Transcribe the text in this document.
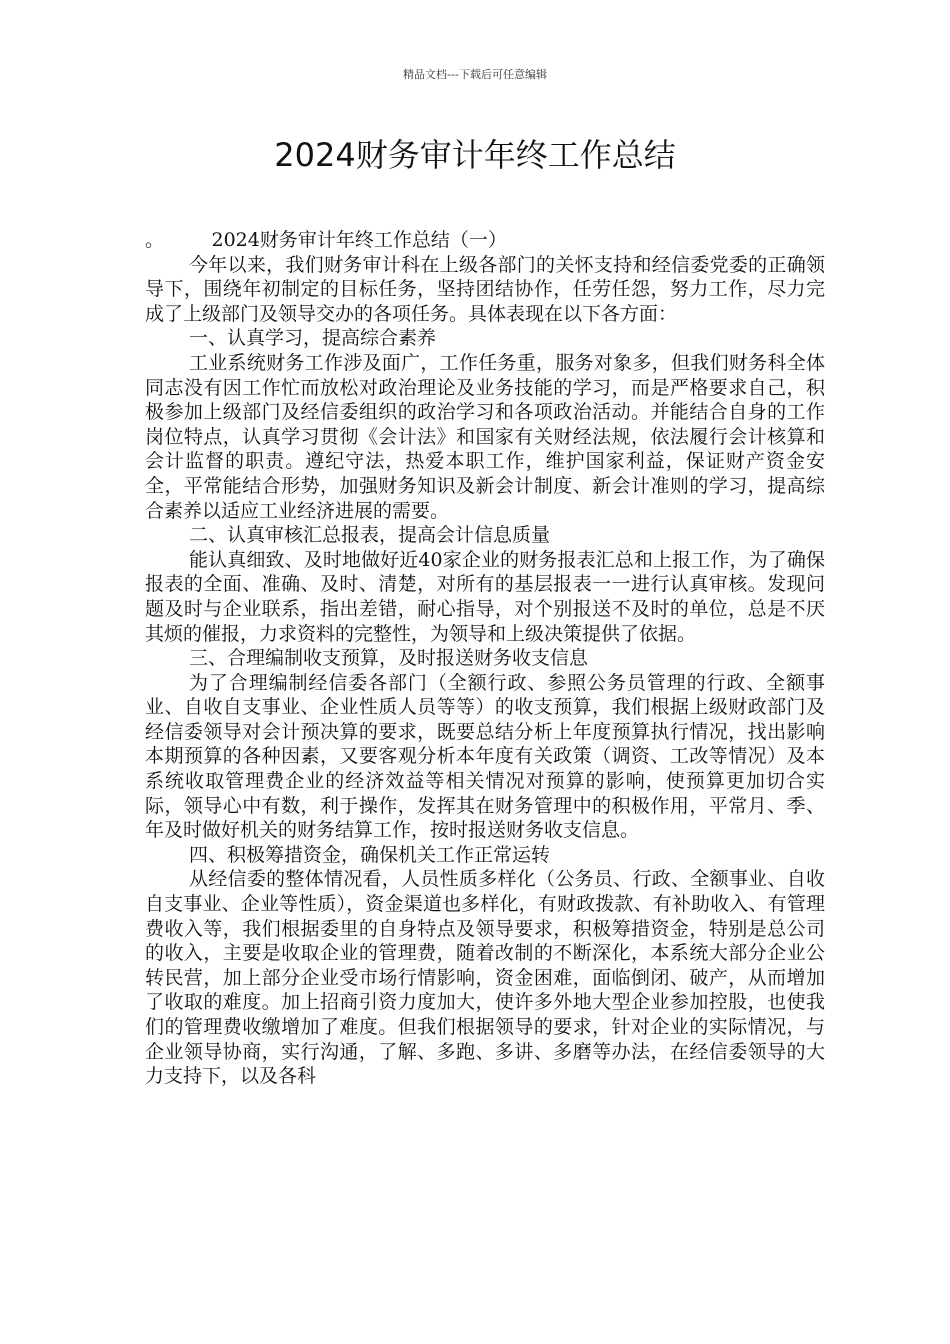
精品文档---下载后可任意编辑
2024财务审计年终工作总结

。　　　2024财务审计年终工作总结（一）

今年以来，我们财务审计科在上级各部门的关怀支持和经信委党委的正确领导下，围绕年初制定的目标任务，坚持团结协作，任劳任怨，努力工作，尽力完成了上级部门及领导交办的各项任务。具体表现在以下各方面：

一、认真学习，提高综合素养

工业系统财务工作涉及面广，工作任务重，服务对象多，但我们财务科全体同志没有因工作忙而放松对政治理论及业务技能的学习，而是严格要求自己，积极参加上级部门及经信委组织的政治学习和各项政治活动。并能结合自身的工作岗位特点，认真学习贯彻《会计法》和国家有关财经法规，依法履行会计核算和会计监督的职责。遵纪守法，热爱本职工作，维护国家利益，保证财产资金安全，平常能结合形势，加强财务知识及新会计制度、新会计准则的学习，提高综合素养以适应工业经济进展的需要。

二、认真审核汇总报表，提高会计信息质量

能认真细致、及时地做好近40家企业的财务报表汇总和上报工作，为了确保报表的全面、准确、及时、清楚，对所有的基层报表一一进行认真审核。发现问题及时与企业联系，指出差错，耐心指导，对个别报送不及时的单位，总是不厌其烦的催报，力求资料的完整性，为领导和上级决策提供了依据。

三、合理编制收支预算，及时报送财务收支信息

为了合理编制经信委各部门（全额行政、参照公务员管理的行政、全额事业、自收自支事业、企业性质人员等等）的收支预算，我们根据上级财政部门及经信委领导对会计预决算的要求，既要总结分析上年度预算执行情况，找出影响本期预算的各种因素，又要客观分析本年度有关政策（调资、工改等情况）及本系统收取管理费企业的经济效益等相关情况对预算的影响，使预算更加切合实际，领导心中有数，利于操作，发挥其在财务管理中的积极作用，平常月、季、年及时做好机关的财务结算工作，按时报送财务收支信息。

四、积极筹措资金，确保机关工作正常运转

从经信委的整体情况看，人员性质多样化（公务员、行政、全额事业、自收自支事业、企业等性质），资金渠道也多样化，有财政拨款、有补助收入、有管理费收入等，我们根据委里的自身特点及领导要求，积极筹措资金，特别是总公司的收入，主要是收取企业的管理费，随着改制的不断深化，本系统大部分企业公转民营，加上部分企业受市场行情影响，资金困难，面临倒闭、破产，从而增加了收取的难度。加上招商引资力度加大，使许多外地大型企业参加控股，也使我们的管理费收缴增加了难度。但我们根据领导的要求，针对企业的实际情况，与企业领导协商，实行沟通，了解、多跑、多讲、多磨等办法，在经信委领导的大力支持下，以及各科
